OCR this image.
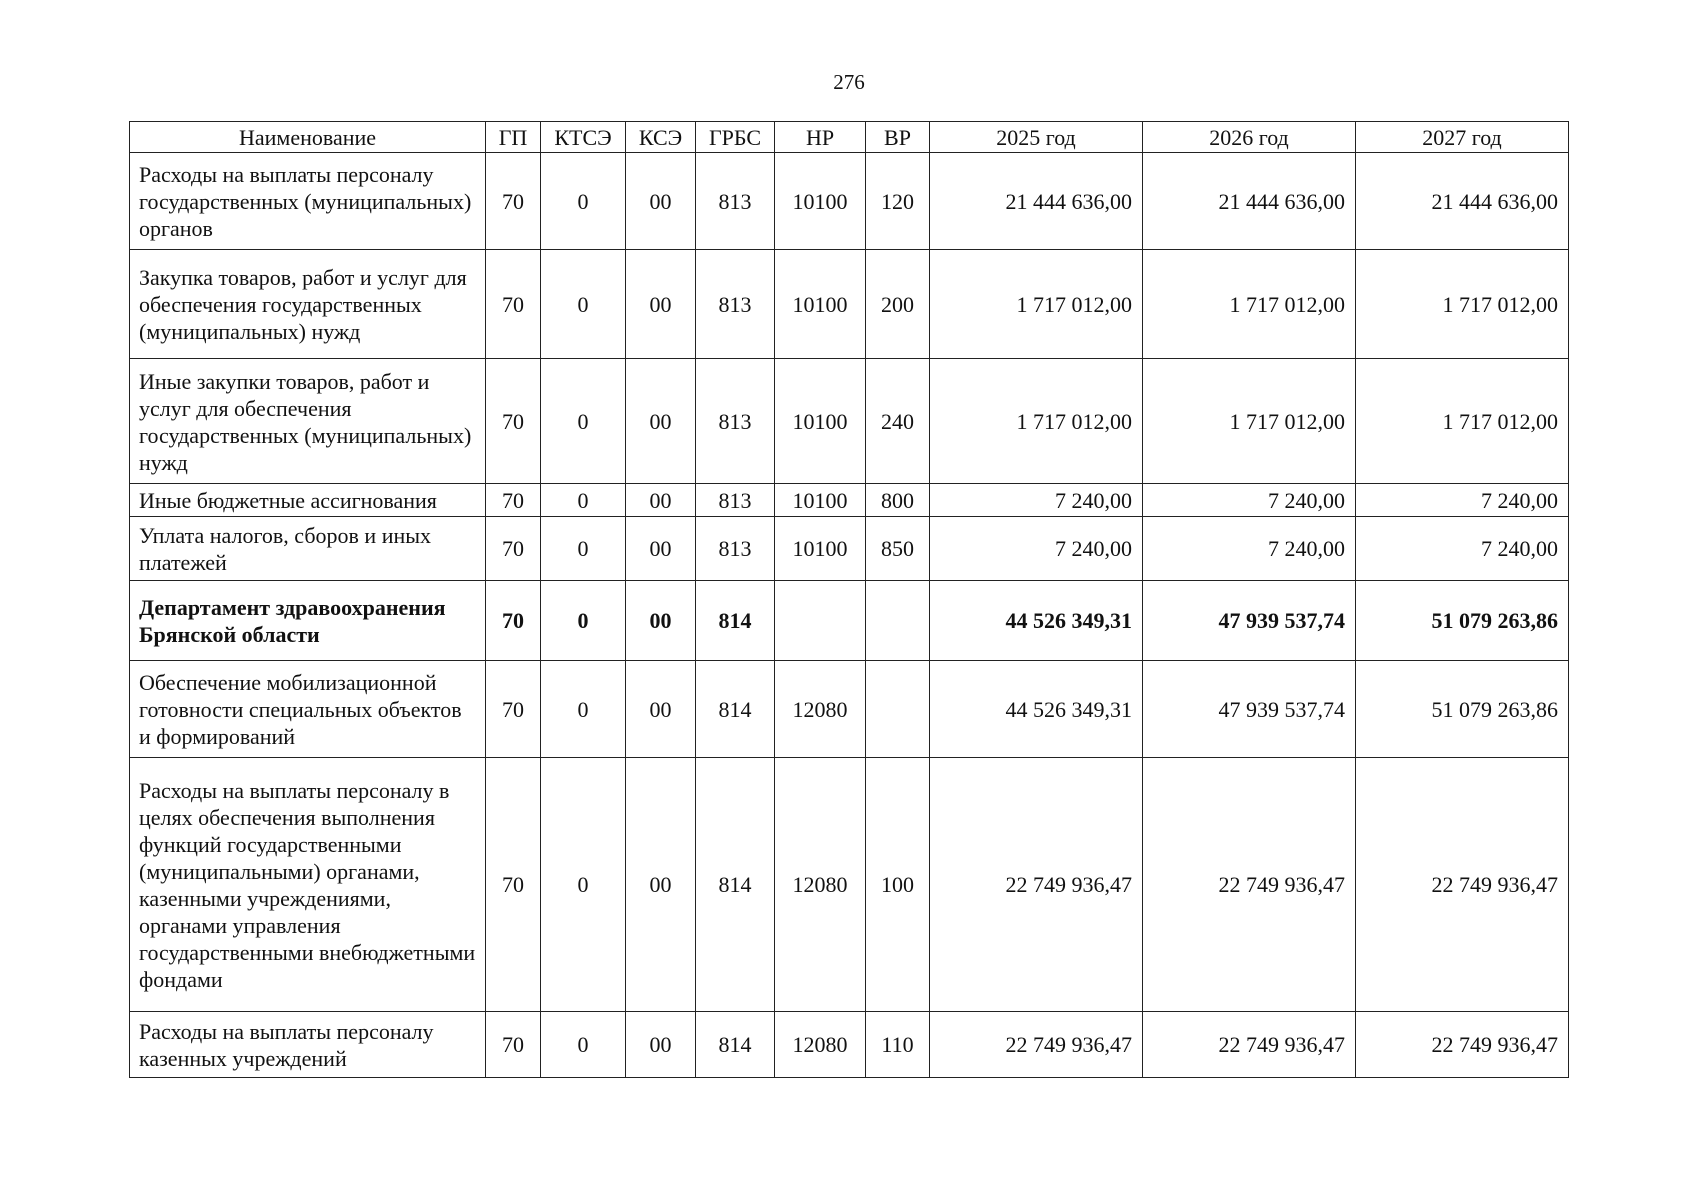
276
Наименование	ГП	КТСЭ	КСЭ	ГРБС	НР	ВР	2025 год	2026 год	2027 год
Расходы на выплаты персоналу государственных (муниципальных) органов	70	0	00	813	10100	120	21 444 636,00	21 444 636,00	21 444 636,00
Закупка товаров, работ и услуг для обеспечения государственных (муниципальных) нужд	70	0	00	813	10100	200	1 717 012,00	1 717 012,00	1 717 012,00
Иные закупки товаров, работ и услуг для обеспечения государственных (муниципальных) нужд	70	0	00	813	10100	240	1 717 012,00	1 717 012,00	1 717 012,00
Иные бюджетные ассигнования	70	0	00	813	10100	800	7 240,00	7 240,00	7 240,00
Уплата налогов, сборов и иных платежей	70	0	00	813	10100	850	7 240,00	7 240,00	7 240,00
Департамент здравоохранения Брянской области	70	0	00	814			44 526 349,31	47 939 537,74	51 079 263,86
Обеспечение мобилизационной готовности специальных объектов и формирований	70	0	00	814	12080		44 526 349,31	47 939 537,74	51 079 263,86
Расходы на выплаты персоналу в целях обеспечения выполнения функций государственными (муниципальными) органами, казенными учреждениями, органами управления государственными внебюджетными фондами	70	0	00	814	12080	100	22 749 936,47	22 749 936,47	22 749 936,47
Расходы на выплаты персоналу казенных учреждений	70	0	00	814	12080	110	22 749 936,47	22 749 936,47	22 749 936,47
